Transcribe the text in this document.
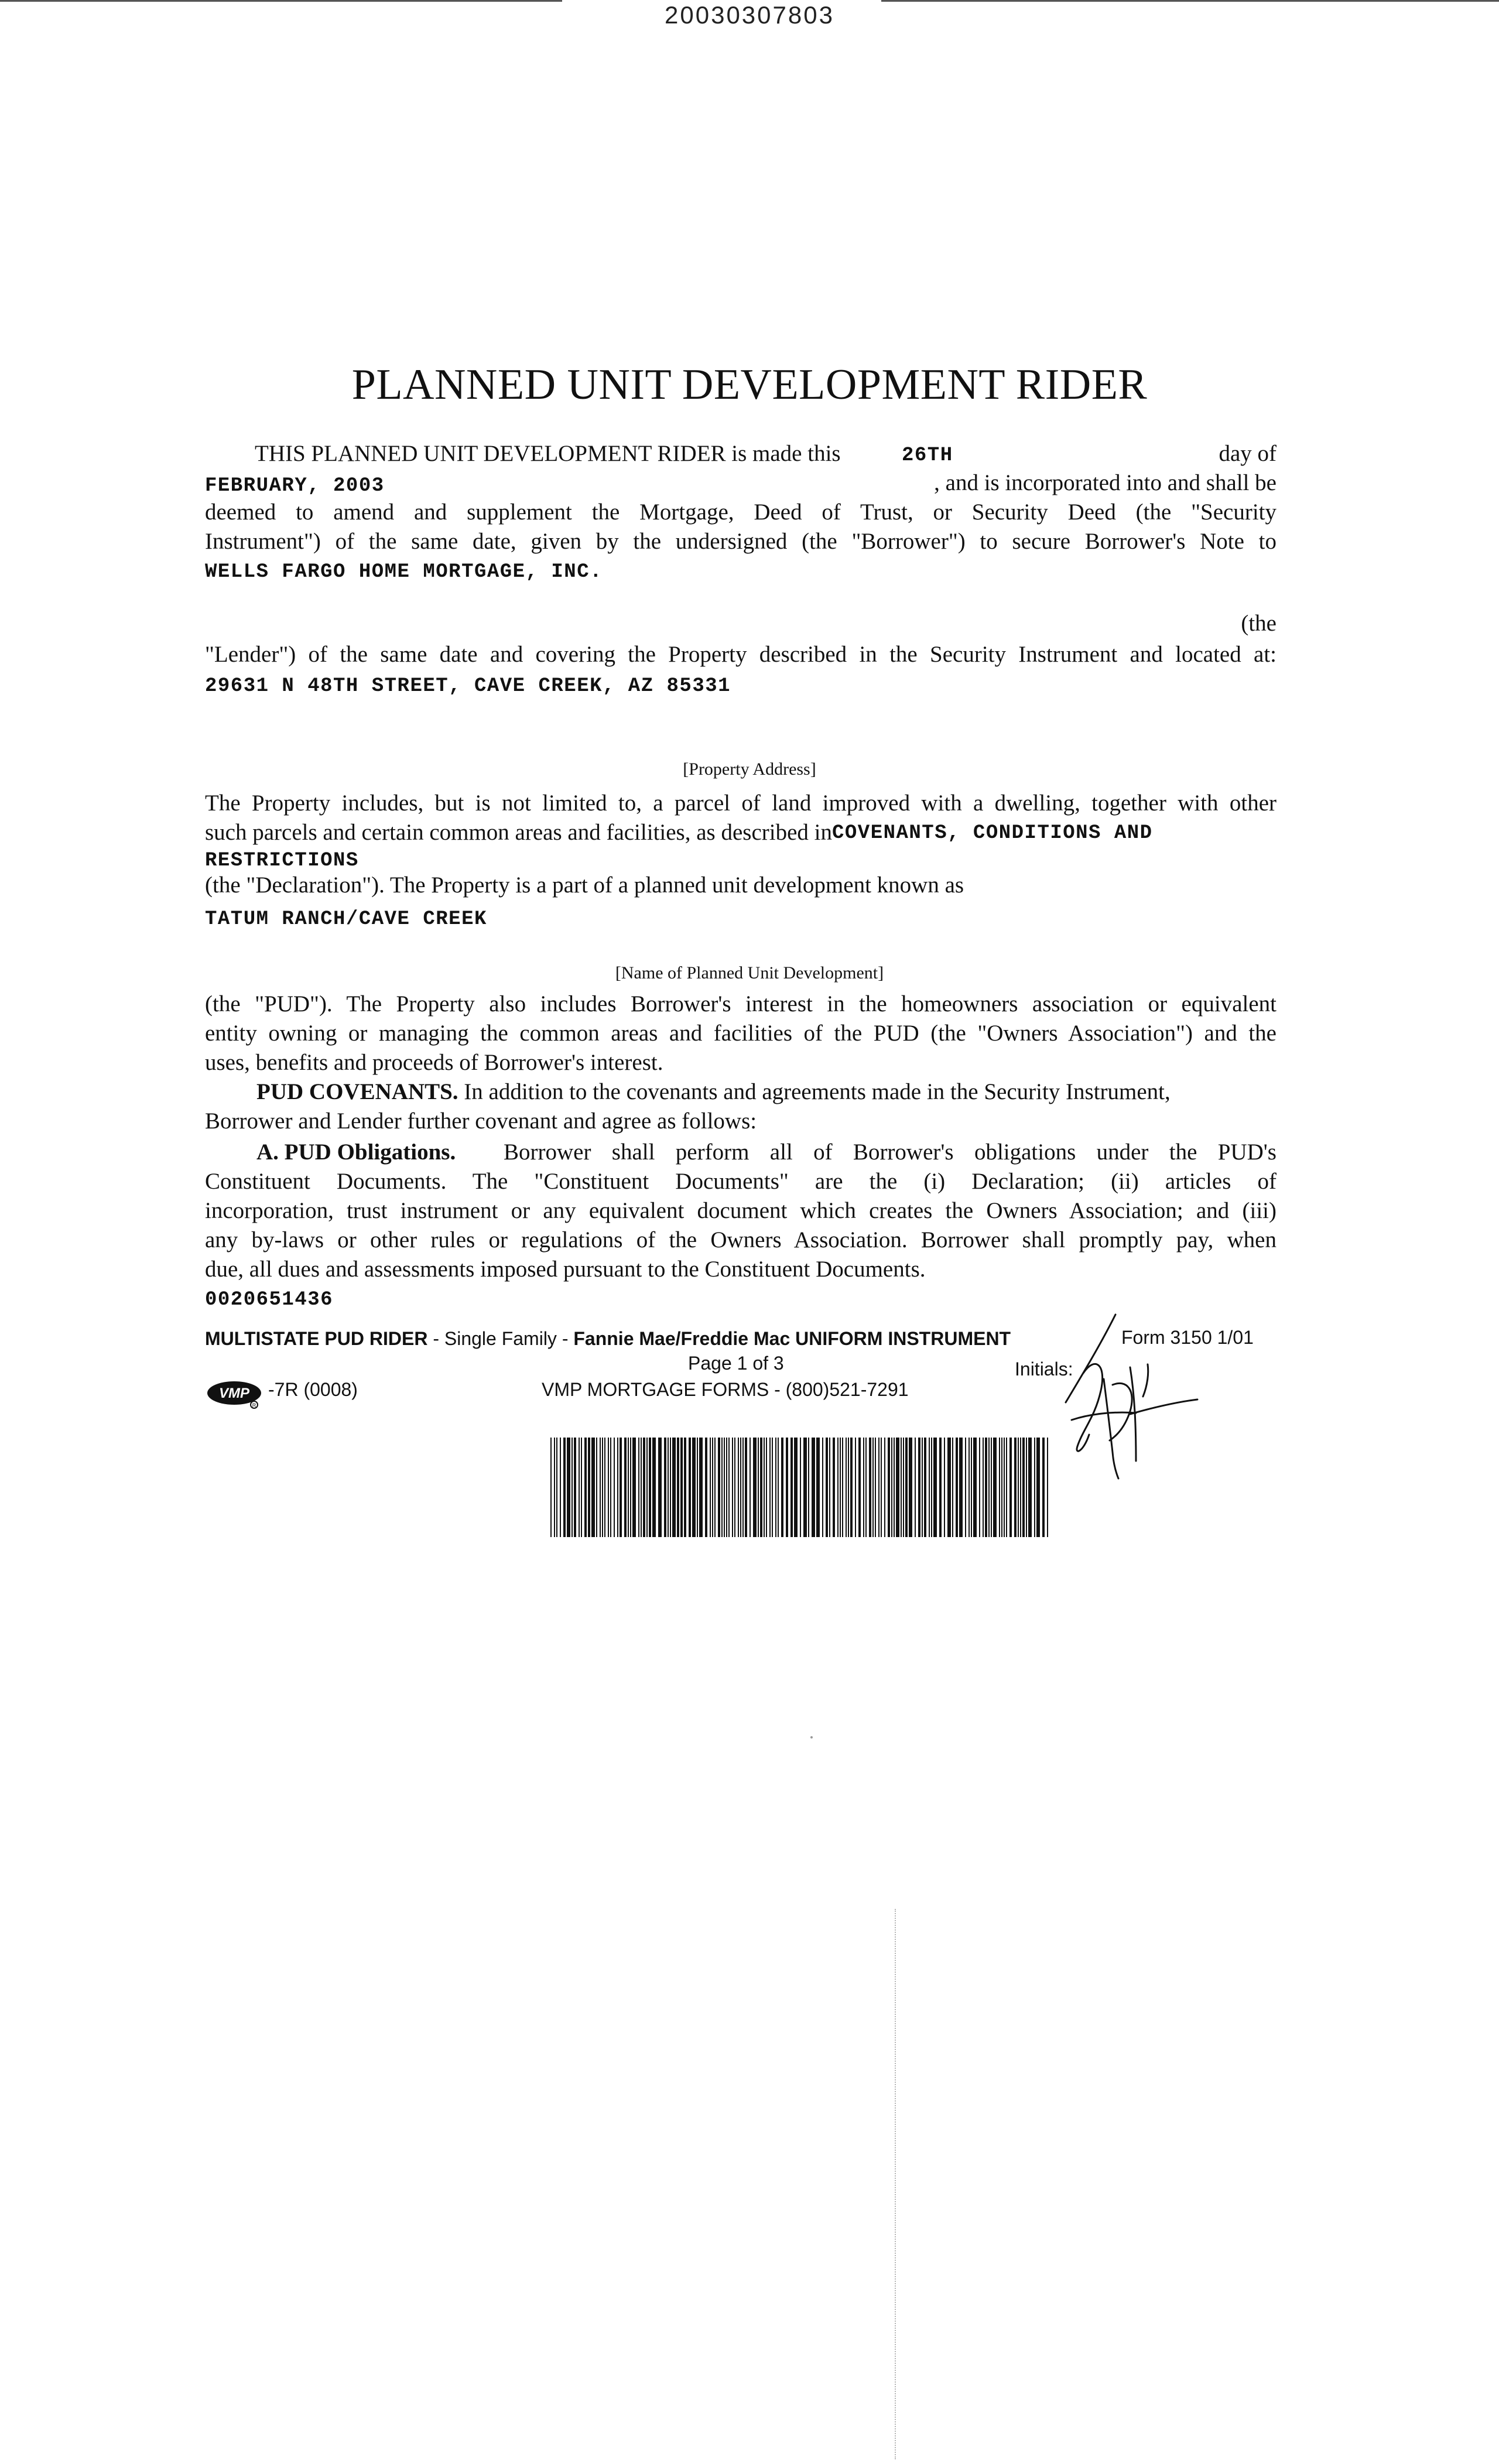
20030307803
PLANNED UNIT DEVELOPMENT RIDER
THIS PLANNED UNIT DEVELOPMENT RIDER is made this	26TH	day of
FEBRUARY, 2003	, and is incorporated into and shall be
deemed to amend and supplement the Mortgage, Deed of Trust, or Security Deed (the "Security
Instrument") of the same date, given by the undersigned (the "Borrower") to secure Borrower's Note to
WELLS FARGO HOME MORTGAGE, INC.
(the
"Lender") of the same date and covering the Property described in the Security Instrument and located at:
29631 N 48TH STREET, CAVE CREEK, AZ 85331
[Property Address]
The Property includes, but is not limited to, a parcel of land improved with a dwelling, together with other
such parcels and certain common areas and facilities, as described inCOVENANTS, CONDITIONS AND
RESTRICTIONS
(the "Declaration"). The Property is a part of a planned unit development known as
TATUM RANCH/CAVE CREEK
[Name of Planned Unit Development]
(the "PUD"). The Property also includes Borrower's interest in the homeowners association or equivalent
entity owning or managing the common areas and facilities of the PUD (the "Owners Association") and the
uses, benefits and proceeds of Borrower's interest.
PUD COVENANTS. In addition to the covenants and agreements made in the Security Instrument,
Borrower and Lender further covenant and agree as follows:
A. PUD Obligations. Borrower shall perform all of Borrower's obligations under the PUD's
Constituent Documents. The "Constituent Documents" are the (i) Declaration; (ii) articles of
incorporation, trust instrument or any equivalent document which creates the Owners Association; and (iii)
any by-laws or other rules or regulations of the Owners Association. Borrower shall promptly pay, when
due, all dues and assessments imposed pursuant to the Constituent Documents.
0020651436
MULTISTATE PUD RIDER - Single Family - Fannie Mae/Freddie Mac UNIFORM INSTRUMENT	Form 3150 1/01
Page 1 of 3	Initials:
VMP
R
-7R (0008)	VMP MORTGAGE FORMS - (800)521-7291
